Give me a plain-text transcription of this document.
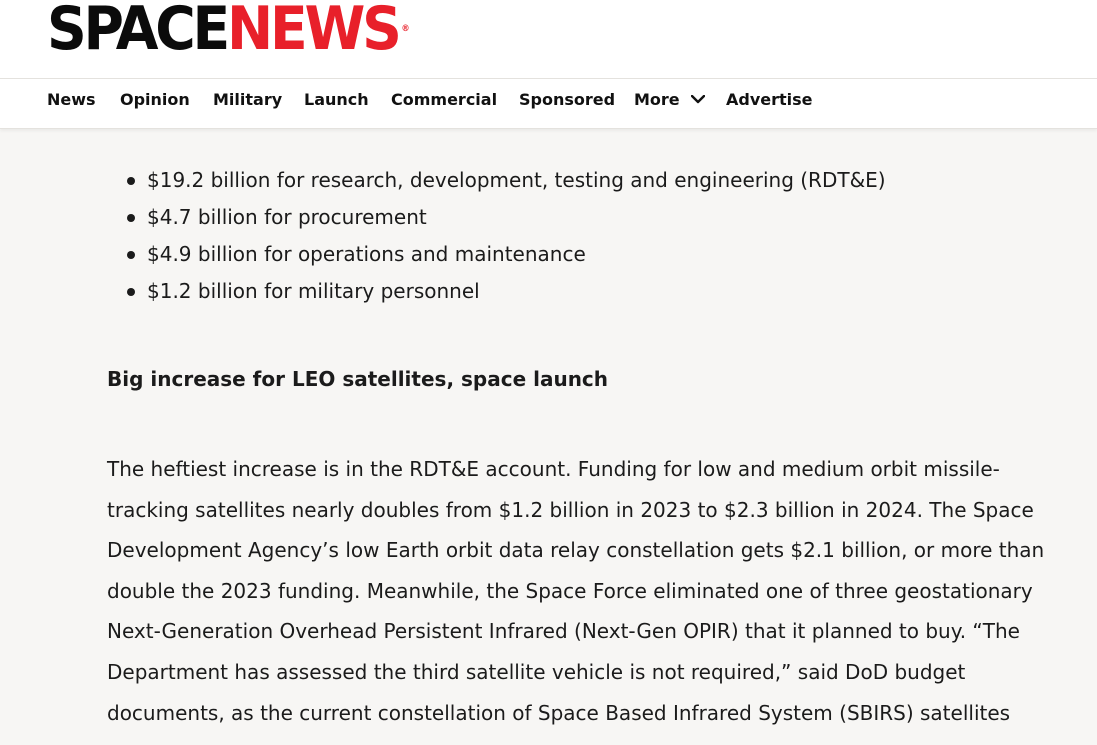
SPACENEWS ®
News Opinion Military Launch Commercial Sponsored More	Advertise
$19.2 billion for research, development, testing and engineering (RDT&E)
$4.7 billion for procurement
$4.9 billion for operations and maintenance
$1.2 billion for military personnel
Big increase for LEO satellites, space launch

The heftiest increase is in the RDT&E account. Funding for low and medium orbit missile-
tracking satellites nearly doubles from $1.2 billion in 2023 to $2.3 billion in 2024. The Space
Development Agency’s low Earth orbit data relay constellation gets $2.1 billion, or more than
double the 2023 funding. Meanwhile, the Space Force eliminated one of three geostationary
Next-Generation Overhead Persistent Infrared (Next-Gen OPIR) that it planned to buy. “The
Department has assessed the third satellite vehicle is not required,” said DoD budget
documents, as the current constellation of Space Based Infrared System (SBIRS) satellites
